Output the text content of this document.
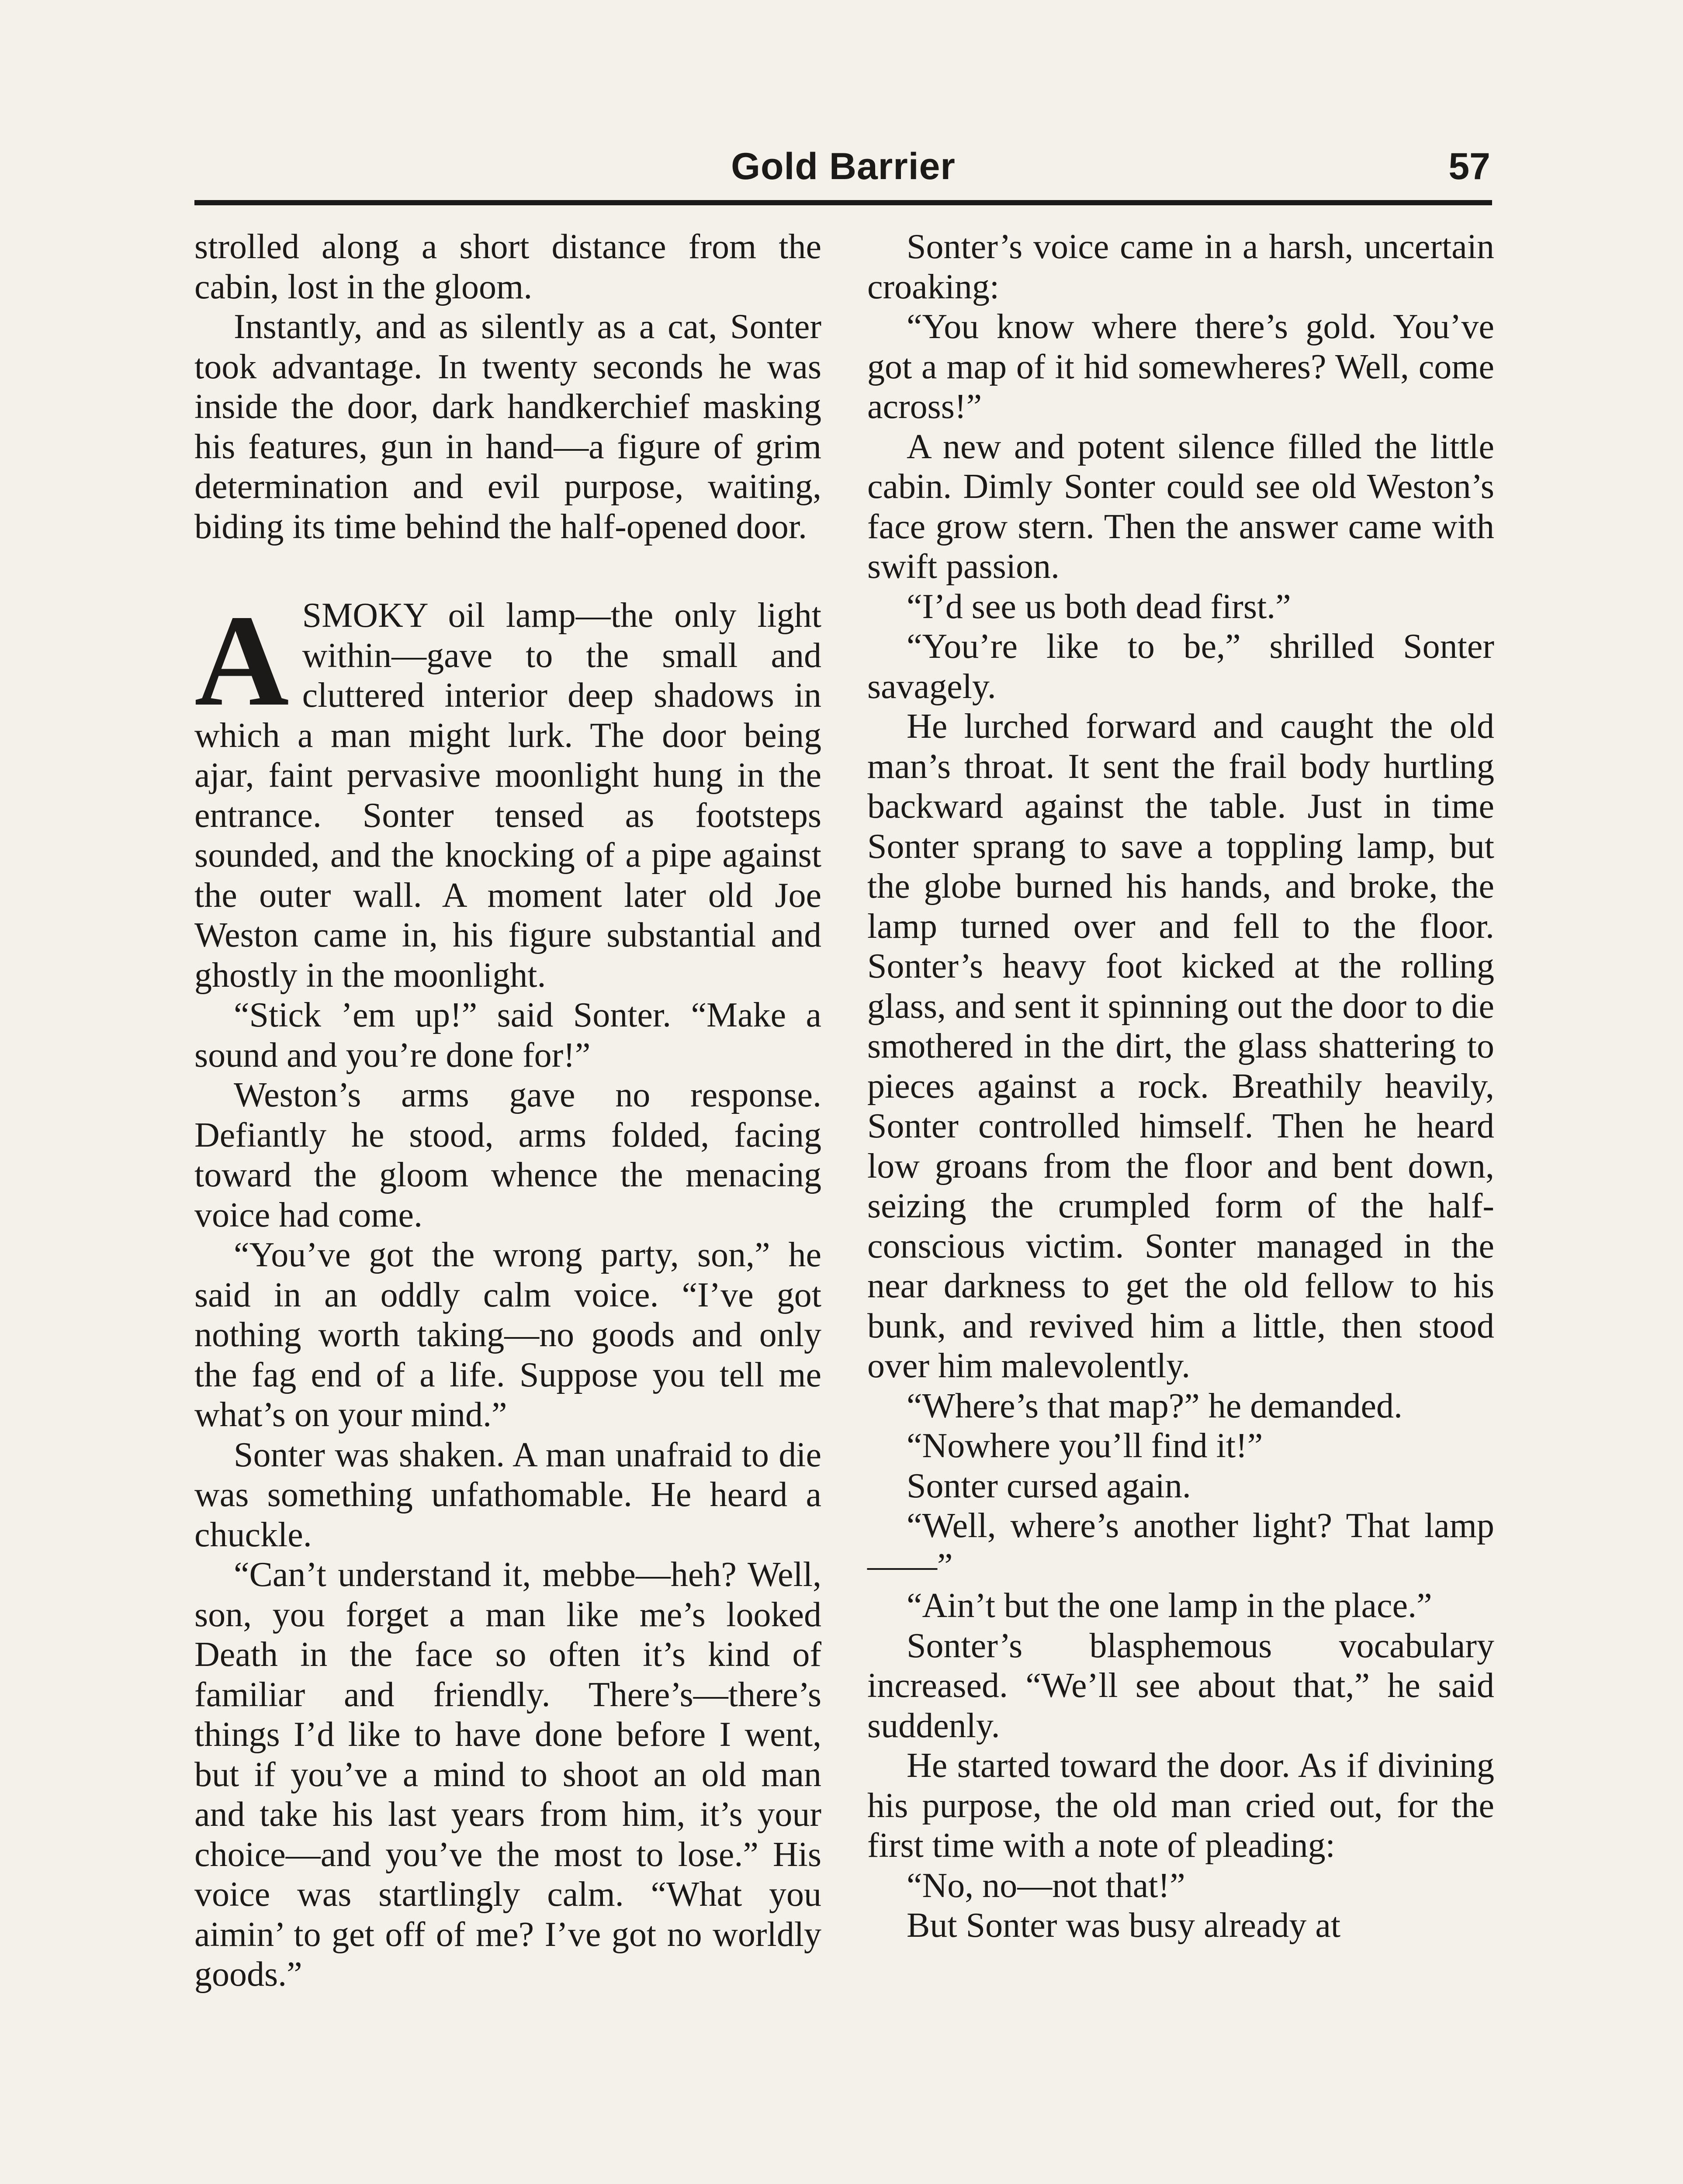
Gold Barrier	57

strolled along a short distance from the cabin, lost in the gloom.

Instantly, and as silently as a cat, Sonter took advantage. In twenty seconds he was inside the door, dark handkerchief masking his features, gun in hand—a figure of grim determination and evil purpose, waiting, biding its time behind the half-opened door.

ASMOKY oil lamp—the only light within—gave to the small and cluttered interior deep shadows in which a man might lurk. The door being ajar, faint pervasive moonlight hung in the entrance. Sonter tensed as footsteps sounded, and the knocking of a pipe against the outer wall. A moment later old Joe Weston came in, his figure substantial and ghostly in the moonlight.

“Stick ’em up!” said Sonter. “Make a sound and you’re done for!”

Weston’s arms gave no response. Defiantly he stood, arms folded, facing toward the gloom whence the menacing voice had come.

“You’ve got the wrong party, son,” he said in an oddly calm voice. “I’ve got nothing worth taking—no goods and only the fag end of a life. Suppose you tell me what’s on your mind.”

Sonter was shaken. A man unafraid to die was something unfathomable. He heard a chuckle.

“Can’t understand it, mebbe—heh? Well, son, you forget a man like me’s looked Death in the face so often it’s kind of familiar and friendly. There’s—there’s things I’d like to have done before I went, but if you’ve a mind to shoot an old man and take his last years from him, it’s your choice—and you’ve the most to lose.” His voice was startlingly calm. “What you aimin’ to get off of me? I’ve got no worldly goods.”

Sonter’s voice came in a harsh, uncertain croaking:

“You know where there’s gold. You’ve got a map of it hid somewheres? Well, come across!”

A new and potent silence filled the little cabin. Dimly Sonter could see old Weston’s face grow stern. Then the answer came with swift passion.

“I’d see us both dead first.”

“You’re like to be,” shrilled Sonter savagely.

He lurched forward and caught the old man’s throat. It sent the frail body hurtling backward against the table. Just in time Sonter sprang to save a toppling lamp, but the globe burned his hands, and broke, the lamp turned over and fell to the floor. Sonter’s heavy foot kicked at the rolling glass, and sent it spinning out the door to die smothered in the dirt, the glass shattering to pieces against a rock. Breathily heavily, Sonter controlled himself. Then he heard low groans from the floor and bent down, seizing the crumpled form of the half-conscious victim. Sonter managed in the near darkness to get the old fellow to his bunk, and revived him a little, then stood over him malevolently.

“Where’s that map?” he demanded.

“Nowhere you’ll find it!”

Sonter cursed again.

“Well, where’s another light? That lamp——”

“Ain’t but the one lamp in the place.”

Sonter’s blasphemous vocabulary increased. “We’ll see about that,” he said suddenly.

He started toward the door. As if divining his purpose, the old man cried out, for the first time with a note of pleading:

“No, no—not that!”

But Sonter was busy already at
